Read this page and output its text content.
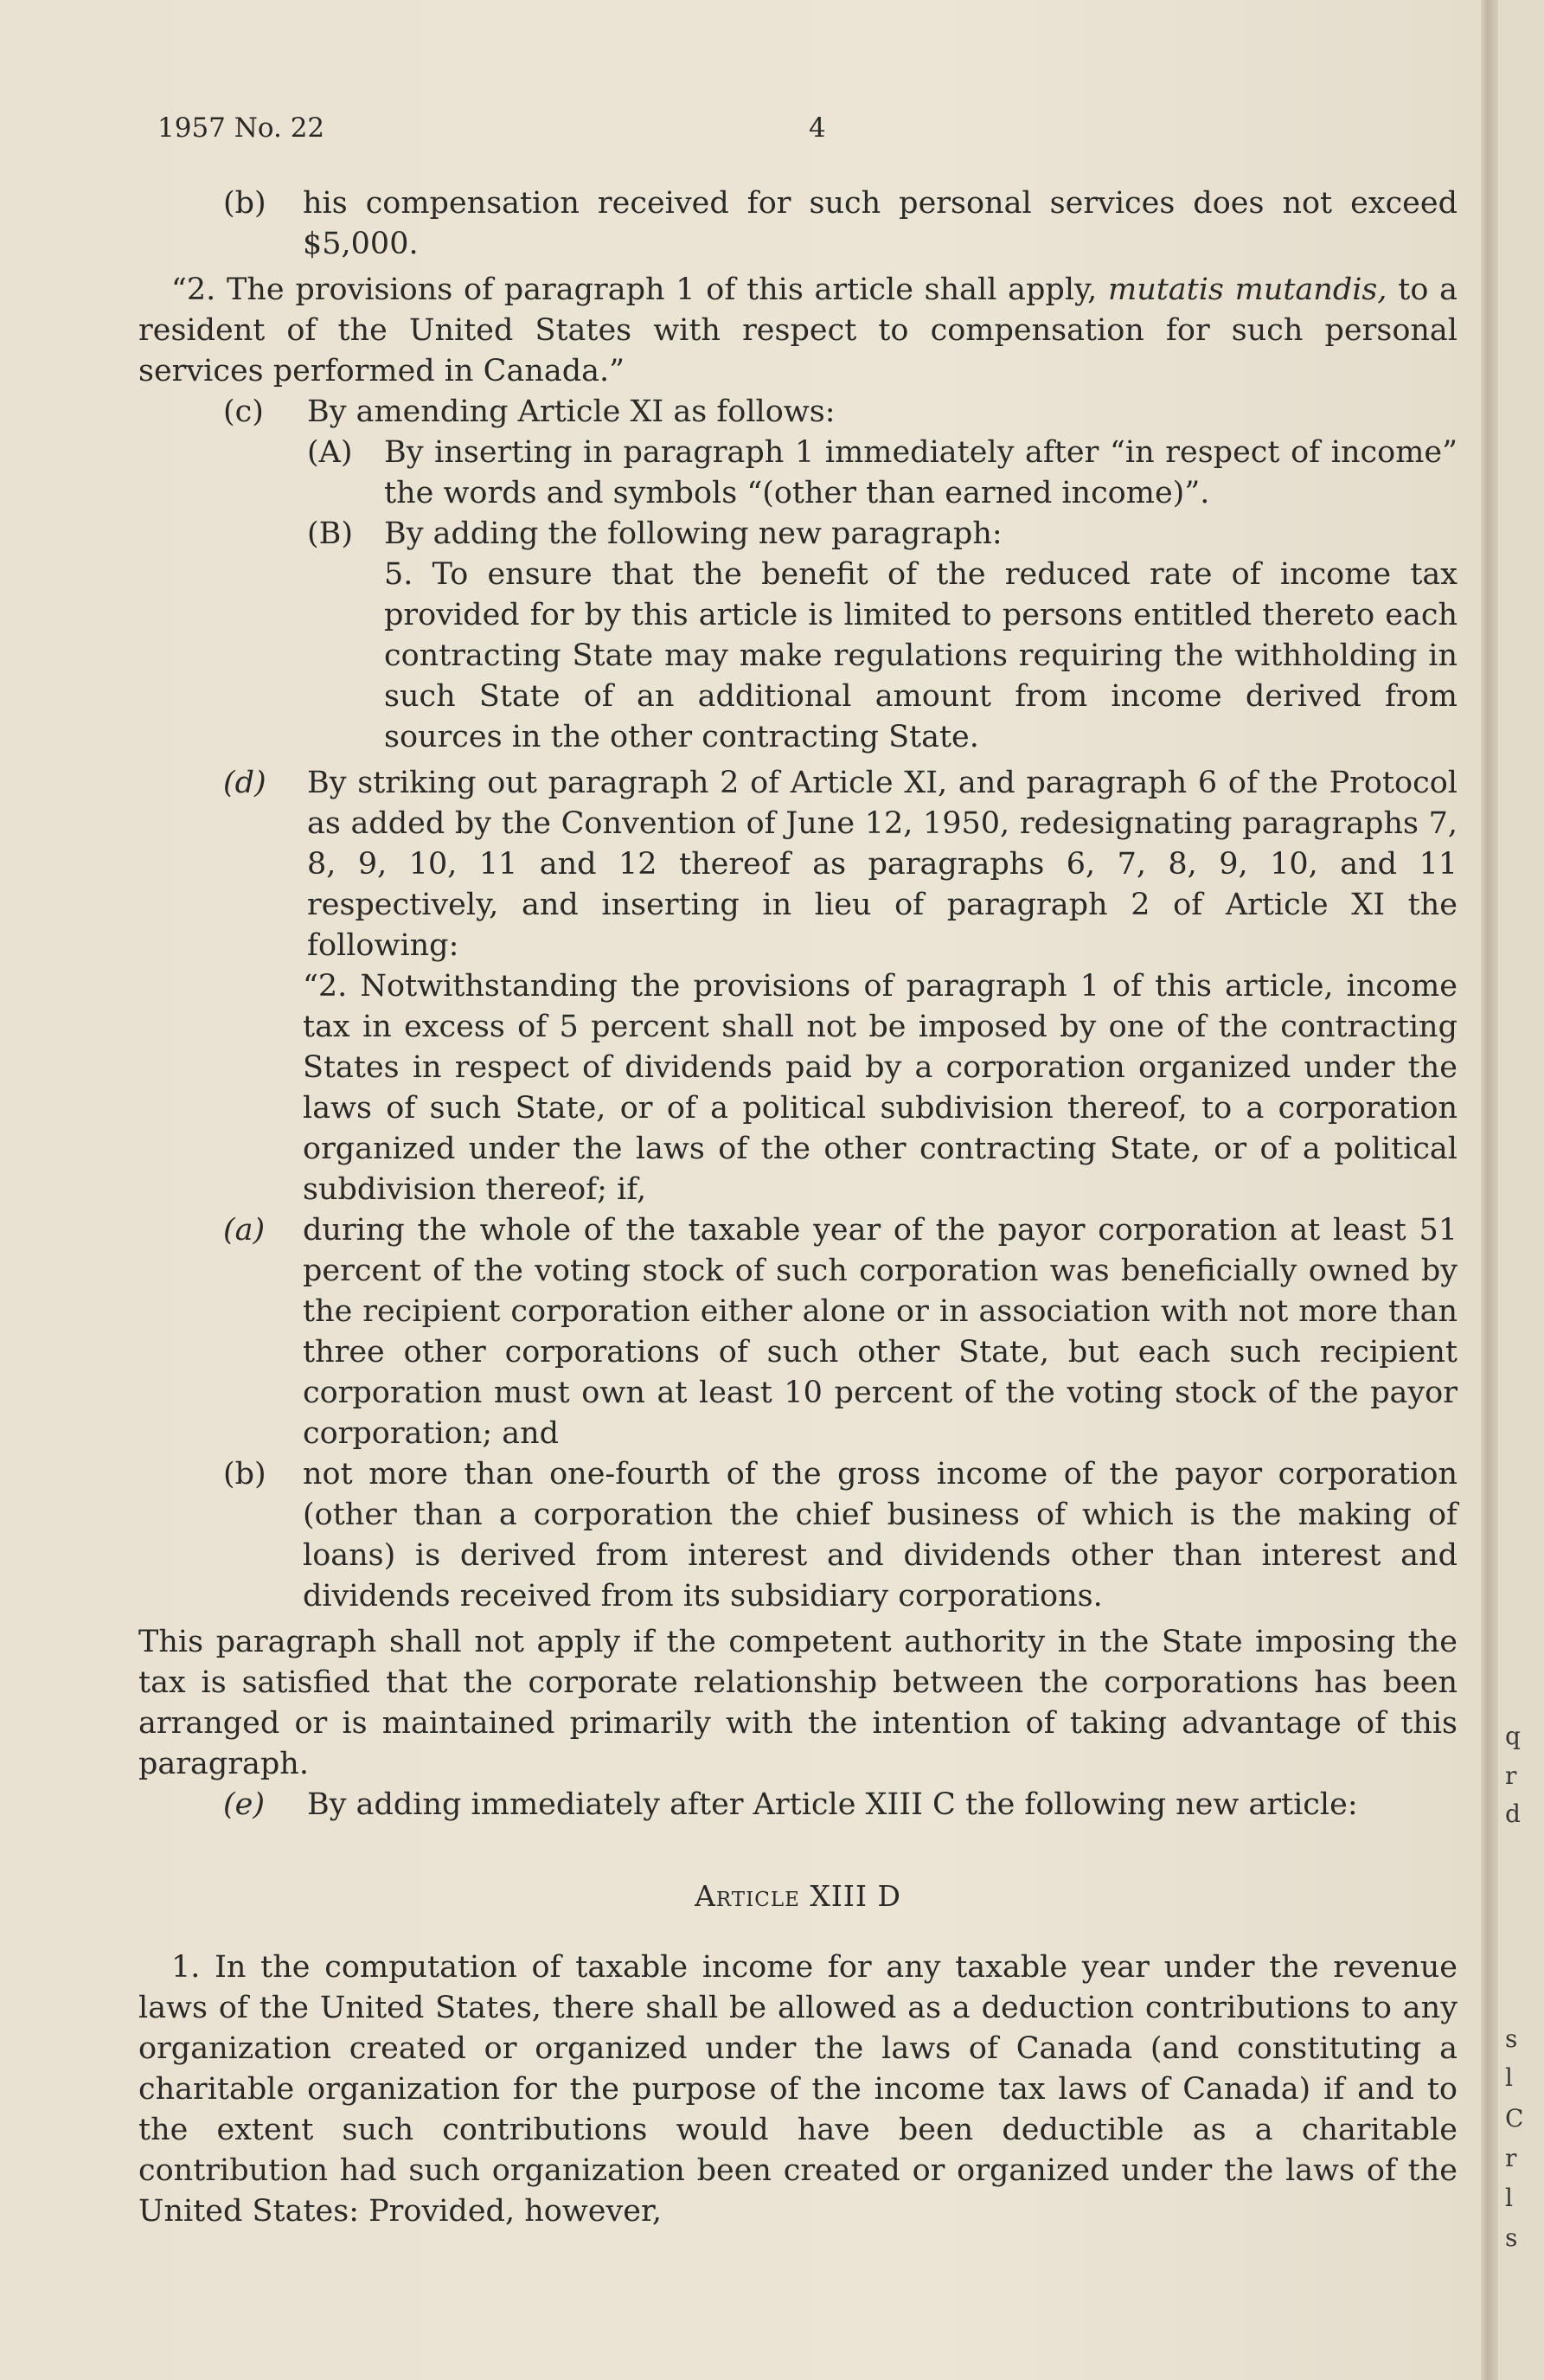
1957 No. 22	4
(b)	his compensation received for such personal services does not exceed $5,000.

“2. The provisions of paragraph 1 of this article shall apply, mutatis mutandis, to a resident of the United States with respect to compensation for such personal services performed in Canada.”

(c)	By amending Article XI as follows:
(A)	By inserting in paragraph 1 immediately after “in respect of income” the words and symbols “(other than earned income)”.
(B)	By adding the following new paragraph:
5. To ensure that the benefit of the reduced rate of income tax provided for by this article is limited to persons entitled thereto each contracting State may make regulations requiring the withholding in such State of an additional amount from income derived from sources in the other contracting State.
(d)	By striking out paragraph 2 of Article XI, and paragraph 6 of the Protocol as added by the Convention of June 12, 1950, redesignating paragraphs 7, 8, 9, 10, 11 and 12 thereof as paragraphs 6, 7, 8, 9, 10, and 11 respectively, and inserting in lieu of paragraph 2 of Article XI the following:
“2. Notwithstanding the provisions of paragraph 1 of this article, income tax in excess of 5 percent shall not be imposed by one of the contracting States in respect of dividends paid by a corporation organized under the laws of such State, or of a political subdivision thereof, to a corporation organized under the laws of the other contracting State, or of a political subdivision thereof; if,
(a)	during the whole of the taxable year of the payor corporation at least 51 percent of the voting stock of such corporation was beneficially owned by the recipient corporation either alone or in association with not more than three other corporations of such other State, but each such recipient corporation must own at least 10 percent of the voting stock of the payor corporation; and
(b)	not more than one-fourth of the gross income of the payor corporation (other than a corporation the chief business of which is the making of loans) is derived from interest and dividends other than interest and dividends received from its subsidiary corporations.

This paragraph shall not apply if the competent authority in the State imposing the tax is satisfied that the corporate relationship between the corporations has been arranged or is maintained primarily with the intention of taking advantage of this paragraph.

(e)	By adding immediately after Article XIII C the following new article:
Article XIII D

1. In the computation of taxable income for any taxable year under the revenue laws of the United States, there shall be allowed as a deduction contributions to any organization created or organized under the laws of Canada (and constituting a charitable organization for the purpose of the income tax laws of Canada) if and to the extent such contributions would have been deductible as a charitable contribution had such organization been created or organized under the laws of the United States: Provided, however,

q
r
d
s
l
C
r
l
s
